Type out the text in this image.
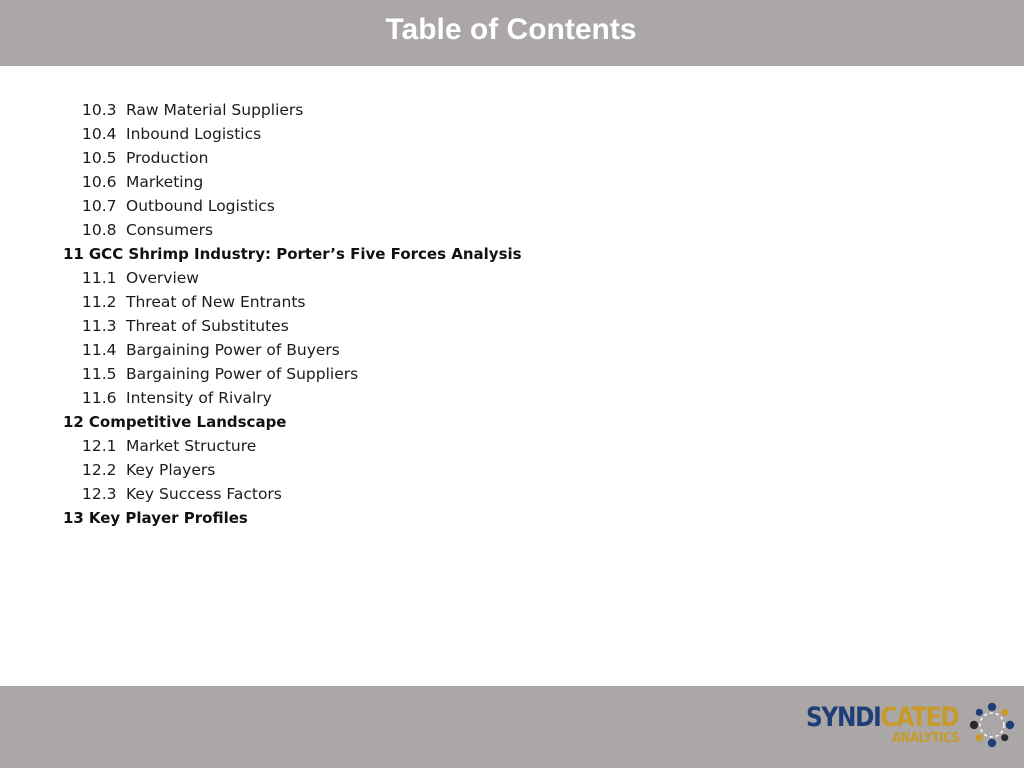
Table of Contents
10.3 Raw Material Suppliers
10.4 Inbound Logistics
10.5 Production
10.6 Marketing
10.7 Outbound Logistics
10.8 Consumers
11 GCC Shrimp Industry: Porter’s Five Forces Analysis
11.1 Overview
11.2 Threat of New Entrants
11.3 Threat of Substitutes
11.4 Bargaining Power of Buyers
11.5 Bargaining Power of Suppliers
11.6 Intensity of Rivalry
12 Competitive Landscape
12.1 Market Structure
12.2 Key Players
12.3 Key Success Factors
13 Key Player Profiles
SYNDICATED
ANALYTICS
